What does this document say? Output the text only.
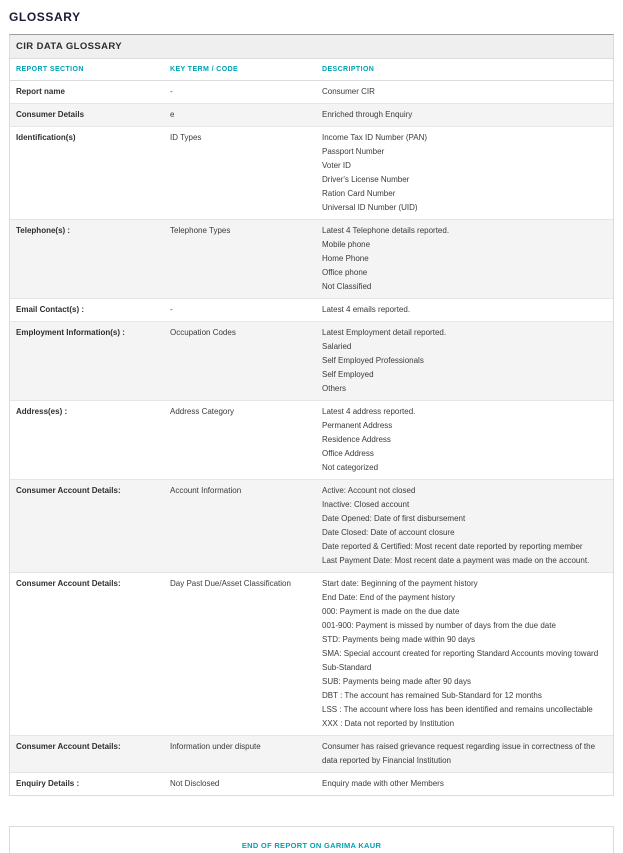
GLOSSARY
CIR DATA GLOSSARY
REPORT SECTION	KEY TERM / CODE	DESCRIPTION
Report name	-	Consumer CIR
Consumer Details	e	Enriched through Enquiry
Identification(s)	ID Types	Income Tax ID Number (PAN)
Passport Number
Voter ID
Driver's License Number
Ration Card Number
Universal ID Number (UID)
Telephone(s) :	Telephone Types	Latest 4 Telephone details reported.
Mobile phone
Home Phone
Office phone
Not Classified
Email Contact(s) :	-	Latest 4 emails reported.
Employment Information(s) :	Occupation Codes	Latest Employment detail reported.
Salaried
Self Employed Professionals
Self Employed
Others
Address(es) :	Address Category	Latest 4 address reported.
Permanent Address
Residence Address
Office Address
Not categorized
Consumer Account Details:	Account Information	Active: Account not closed
Inactive: Closed account
Date Opened: Date of first disbursement
Date Closed: Date of account closure
Date reported & Certified: Most recent date reported by reporting member
Last Payment Date: Most recent date a payment was made on the account.
Consumer Account Details:	Day Past Due/Asset Classification	Start date: Beginning of the payment history
End Date: End of the payment history
000: Payment is made on the due date
001-900: Payment is missed by number of days from the due date
STD: Payments being made within 90 days
SMA: Special account created for reporting Standard Accounts moving toward Sub-Standard
SUB: Payments being made after 90 days
DBT : The account has remained Sub-Standard for 12 months
LSS : The account where loss has been identified and remains uncollectable
XXX : Data not reported by Institution
Consumer Account Details:	Information under dispute	Consumer has raised grievance request regarding issue in correctness of the data reported by Financial Institution
Enquiry Details :	Not Disclosed	Enquiry made with other Members
END OF REPORT ON GARIMA KAUR
